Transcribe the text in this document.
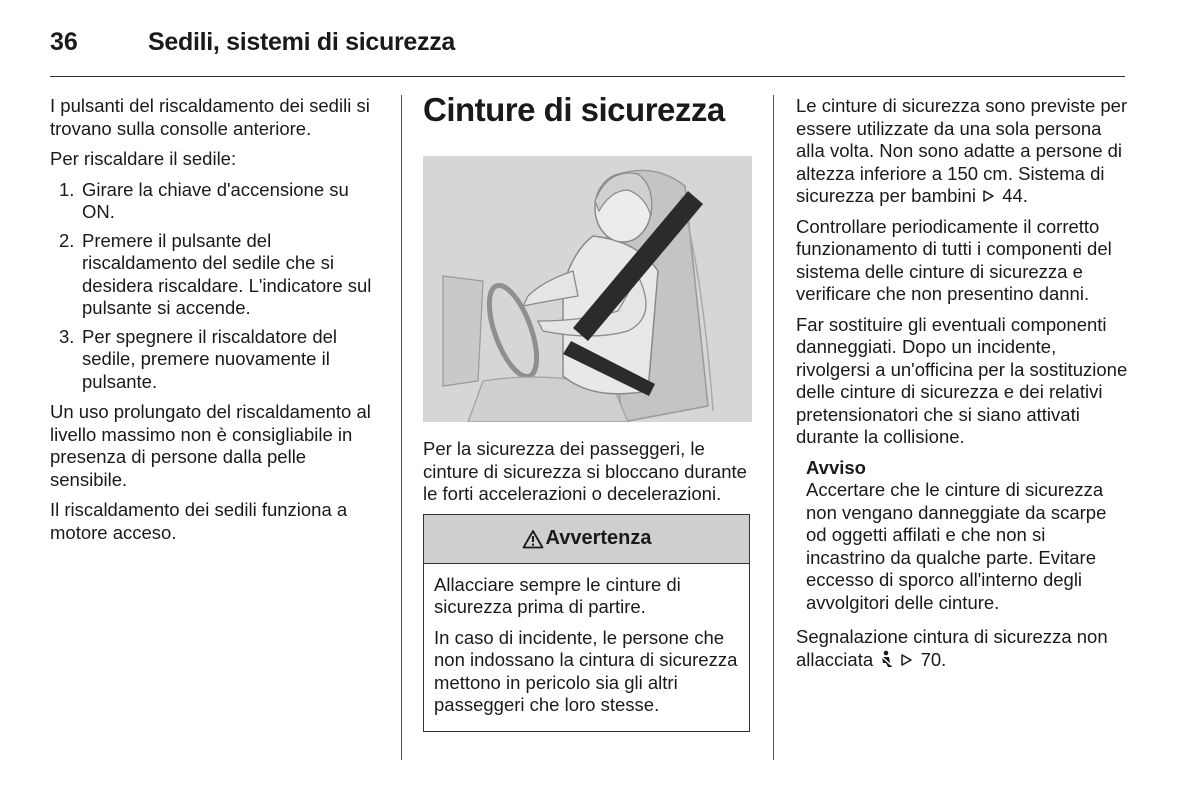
36	Sedili, sistemi di sicurezza

I pulsanti del riscaldamento dei sedili si trovano sulla consolle anteriore.

Per riscaldare il sedile:

1. Girare la chiave d'accensione su ON.
2. Premere il pulsante del riscaldamento del sedile che si desidera riscaldare. L'indicatore sul pulsante si accende.
3. Per spegnere il riscaldatore del sedile, premere nuovamente il pulsante.

Un uso prolungato del riscaldamento al livello massimo non è consigliabile in presenza di persone dalla pelle sensibile.

Il riscaldamento dei sedili funziona a motore acceso.

Cinture di sicurezza

Per la sicurezza dei passeggeri, le cinture di sicurezza si bloccano durante le forti accelerazioni o decelerazioni.

Avvertenza

Allacciare sempre le cinture di sicurezza prima di partire.

In caso di incidente, le persone che non indossano la cintura di sicurezza mettono in pericolo sia gli altri passeggeri che loro stesse.

Le cinture di sicurezza sono previste per essere utilizzate da una sola persona alla volta. Non sono adatte a persone di altezza inferiore a 150 cm. Sistema di sicurezza per bambini 44.

Controllare periodicamente il corretto funzionamento di tutti i componenti del sistema delle cinture di sicurezza e verificare che non presentino danni.

Far sostituire gli eventuali componenti danneggiati. Dopo un incidente, rivolgersi a un'officina per la sostituzione delle cinture di sicurezza e dei relativi pretensionatori che si siano attivati durante la collisione.

Avviso
Accertare che le cinture di sicurezza non vengano danneggiate da scarpe od oggetti affilati e che non si incastrino da qualche parte. Evitare eccesso di sporco all'interno degli avvolgitori delle cinture.

Segnalazione cintura di sicurezza non allacciata	70.
